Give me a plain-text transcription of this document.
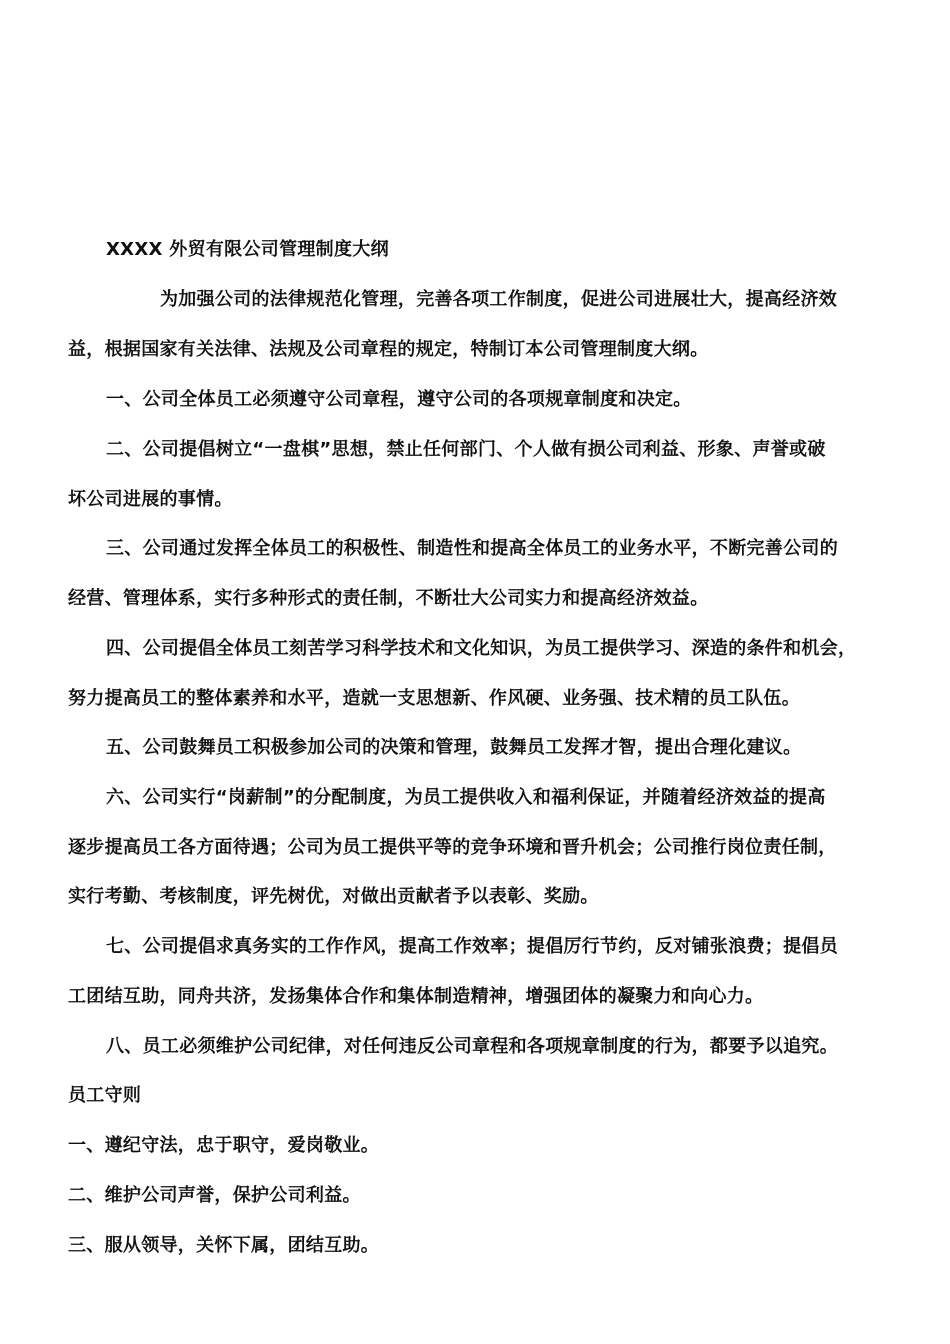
XXXX 外贸有限公司管理制度大纲
为加强公司的法律规范化管理，完善各项工作制度，促进公司进展壮大，提高经济效
益，根据国家有关法律、法规及公司章程的规定，特制订本公司管理制度大纲。
一、公司全体员工必须遵守公司章程，遵守公司的各项规章制度和决定。
二、公司提倡树立“一盘棋”思想，禁止任何部门、个人做有损公司利益、形象、声誉或破
坏公司进展的事情。
三、公司通过发挥全体员工的积极性、制造性和提高全体员工的业务水平，不断完善公司的
经营、管理体系，实行多种形式的责任制，不断壮大公司实力和提高经济效益。
四、公司提倡全体员工刻苦学习科学技术和文化知识，为员工提供学习、深造的条件和机会，
努力提高员工的整体素养和水平，造就一支思想新、作风硬、业务强、技术精的员工队伍。
五、公司鼓舞员工积极参加公司的决策和管理，鼓舞员工发挥才智，提出合理化建议。
六、公司实行“岗薪制”的分配制度，为员工提供收入和福利保证，并随着经济效益的提高
逐步提高员工各方面待遇；公司为员工提供平等的竞争环境和晋升机会；公司推行岗位责任制，
实行考勤、考核制度，评先树优，对做出贡献者予以表彰、奖励。
七、公司提倡求真务实的工作作风，提高工作效率；提倡厉行节约，反对铺张浪费；提倡员
工团结互助，同舟共济，发扬集体合作和集体制造精神，增强团体的凝聚力和向心力。
八、员工必须维护公司纪律，对任何违反公司章程和各项规章制度的行为，都要予以追究。
员工守则
一、遵纪守法，忠于职守，爱岗敬业。
二、维护公司声誉，保护公司利益。
三、服从领导，关怀下属，团结互助。
